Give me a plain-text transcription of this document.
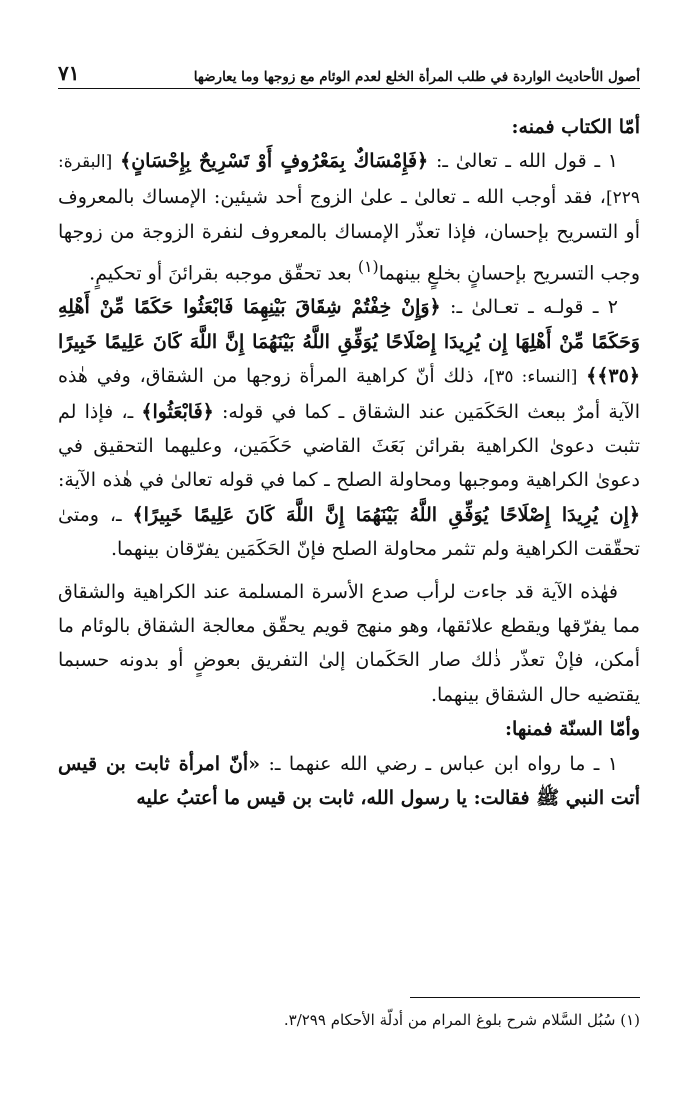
أصول الأحاديث الواردة في طلب المرأة الخلع لعدم الوئام مع زوجها وما يعارضها
٧١

أمّا الكتاب فمنه:

١ ـ قول الله ـ تعالىٰ ـ: ﴿فَإِمْسَاكٌ بِمَعْرُوفٍ أَوْ تَسْرِيحٌ بِإِحْسَانٍ﴾ [البقرة: ٢٢٩]، فقد أوجب الله ـ تعالىٰ ـ علىٰ الزوج أحد شيئين: الإمساك بالمعروف أو التسريح بإحسان، فإذا تعذّر الإمساك بالمعروف لنفرة الزوجة من زوجها وجب التسريح بإحسانٍ بخلعٍ بينهما$^{(١)}$ بعد تحقّق موجبه بقرائنَ أو تحكيمٍ.

٢ ـ قولـه ـ تعـالىٰ ـ: ﴿وَإِنْ خِفْتُمْ شِقَاقَ بَيْنِهِمَا فَابْعَثُوا حَكَمًا مِّنْ أَهْلِهِ وَحَكَمًا مِّنْ أَهْلِهَا إِن يُرِيدَا إِصْلَاحًا يُوَفِّقِ اللَّهُ بَيْنَهُمَا إِنَّ اللَّهَ كَانَ عَلِيمًا خَبِيرًا ﴿٣٥﴾﴾ [النساء: ٣٥]، ذلك أنّ كراهية المرأة زوجها من الشقاق، وفي هٰذه الآية أمرٌ ببعث الحَكَمَين عند الشقاق ـ كما في قوله: ﴿فَابْعَثُوا﴾ ـ، فإذا لم تثبت دعوىٰ الكراهية بقرائن بَعَثَ القاضي حَكَمَين، وعليهما التحقيق في دعوىٰ الكراهية وموجبها ومحاولة الصلح ـ كما في قوله تعالىٰ في هٰذه الآية: ﴿إِن يُرِيدَا إِصْلَاحًا يُوَفِّقِ اللَّهُ بَيْنَهُمَا إِنَّ اللَّهَ كَانَ عَلِيمًا خَبِيرًا﴾ ـ، ومتىٰ تحقّقت الكراهية ولم تثمر محاولة الصلح فإنّ الحَكَمَين يفرّقان بينهما.

فهٰذه الآية قد جاءت لرأب صدع الأسرة المسلمة عند الكراهية والشقاق مما يفرّقها ويقطع علائقها، وهو منهج قويم يحقّق معالجة الشقاق بالوئام ما أمكن، فإنْ تعذّر ذٰلك صار الحَكَمان إلىٰ التفريق بعوضٍ أو بدونه حسبما يقتضيه حال الشقاق بينهما.

وأمّا السنّة فمنها:

١ ـ ما رواه ابن عباس ـ رضي الله عنهما ـ: «أنّ امرأة ثابت بن قيس أتت النبي ﷺ فقالت: يا رسول الله، ثابت بن قيس ما أعتبُ عليه

(١) سُبُل السَّلام شرح بلوغ المرام من أدلّة الأحكام ٣/٢٩٩.
